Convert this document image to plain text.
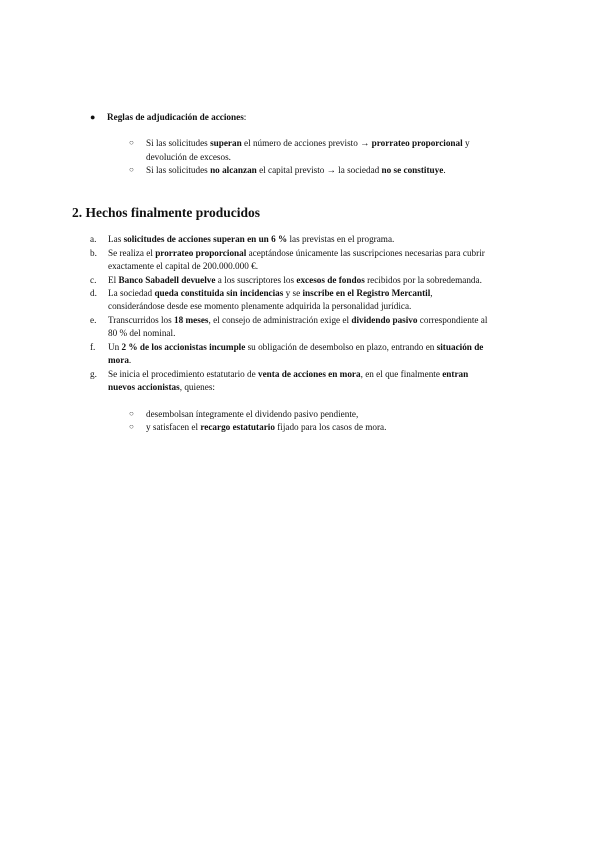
● Reglas de adjudicación de acciones:
○ Si las solicitudes superan el número de acciones previsto → prorrateo proporcional y
devolución de excesos.
○ Si las solicitudes no alcanzan el capital previsto → la sociedad no se constituye.
2. Hechos finalmente producidos
a. Las solicitudes de acciones superan en un 6 % las previstas en el programa.
b. Se realiza el prorrateo proporcional aceptándose únicamente las suscripciones necesarias para cubrir
exactamente el capital de 200.000.000 €.
c. El Banco Sabadell devuelve a los suscriptores los excesos de fondos recibidos por la sobredemanda.
d. La sociedad queda constituida sin incidencias y se inscribe en el Registro Mercantil,
considerándose desde ese momento plenamente adquirida la personalidad jurídica.
e. Transcurridos los 18 meses, el consejo de administración exige el dividendo pasivo correspondiente al
80 % del nominal.
f. Un 2 % de los accionistas incumple su obligación de desembolso en plazo, entrando en situación de
mora.
g. Se inicia el procedimiento estatutario de venta de acciones en mora, en el que finalmente entran
nuevos accionistas, quienes:
○ desembolsan íntegramente el dividendo pasivo pendiente,
○ y satisfacen el recargo estatutario fijado para los casos de mora.
